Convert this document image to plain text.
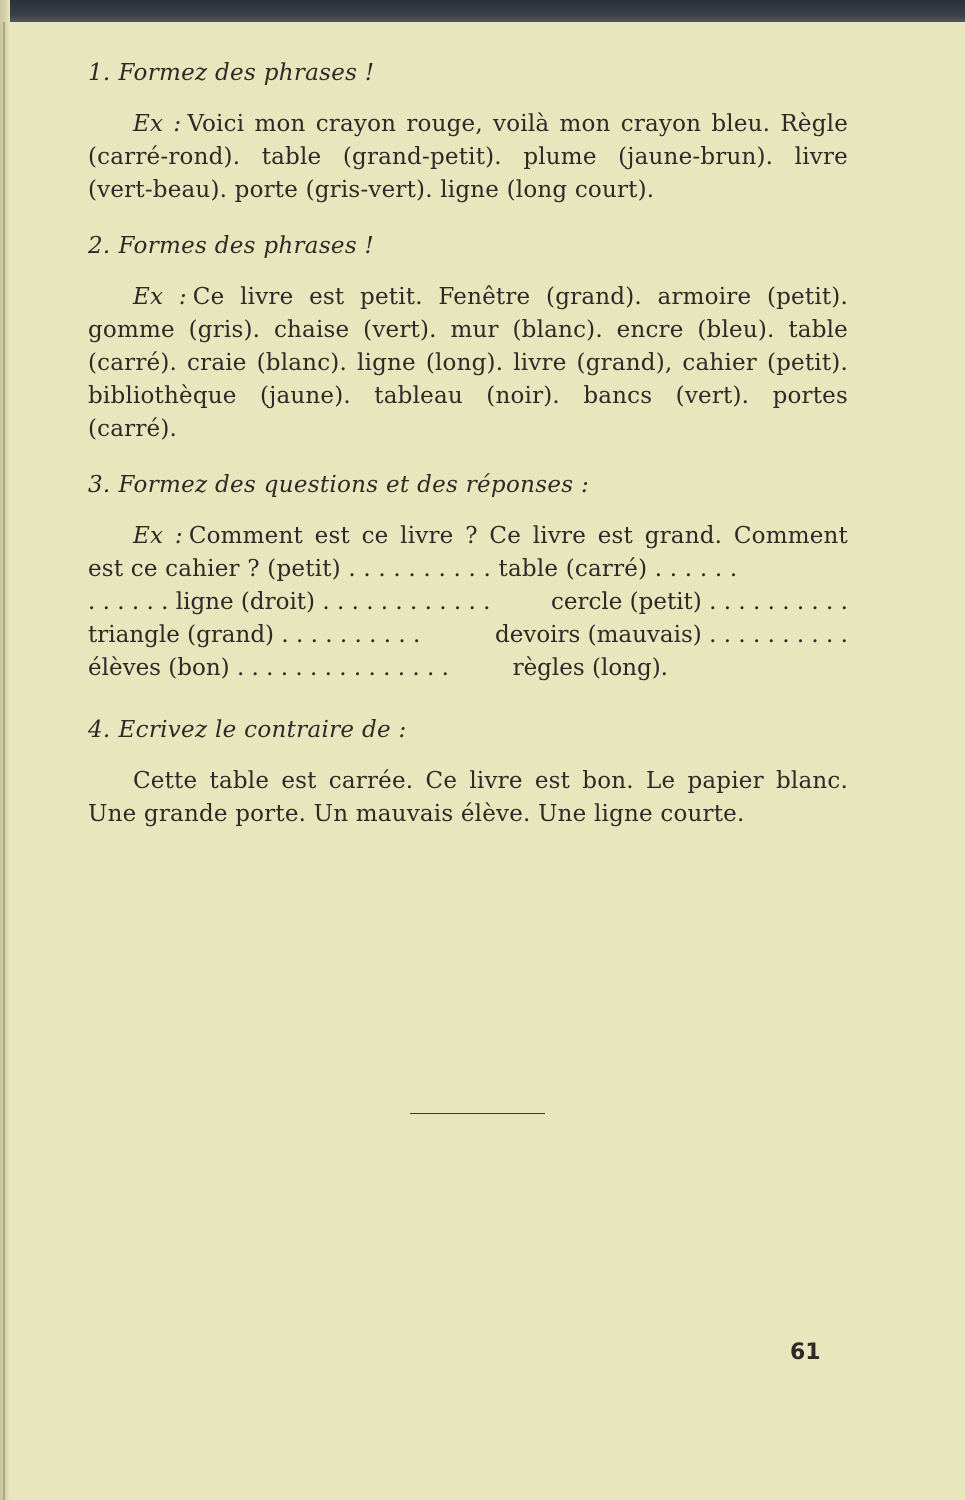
1. Formez des phrases !

Ex : Voici mon crayon rouge, voilà mon crayon bleu. Règle (carré-rond). table (grand-petit). plume (jaune-brun). livre (vert-beau). porte (gris-vert). ligne (long court).

2. Formes des phrases !

Ex : Ce livre est petit. Fenêtre (grand). armoire (petit). gomme (gris). chaise (vert). mur (blanc). encre (bleu). table (carré). craie (blanc). ligne (long). livre (grand), cahier (petit). bibliothèque (jaune). tableau (noir). bancs (vert). portes (carré).

3. Formez des questions et des réponses :

Ex : Comment est ce livre ? Ce livre est grand. Comment est ce cahier ? (petit) . . . . . . . . . . table (carré) . . . . . .

. . . . . . ligne (droit) . . . . . . . . . . . .	cercle (petit) . . . . . . . . . .
triangle (grand) . . . . . . . . . .	devoirs (mauvais) . . . . . . . . . .
élèves (bon) . . . . . . . . . . . . . . .	règles (long).

4. Ecrivez le contraire de :

Cette table est carrée. Ce livre est bon. Le papier blanc. Une grande porte. Un mauvais élève. Une ligne courte.

61
